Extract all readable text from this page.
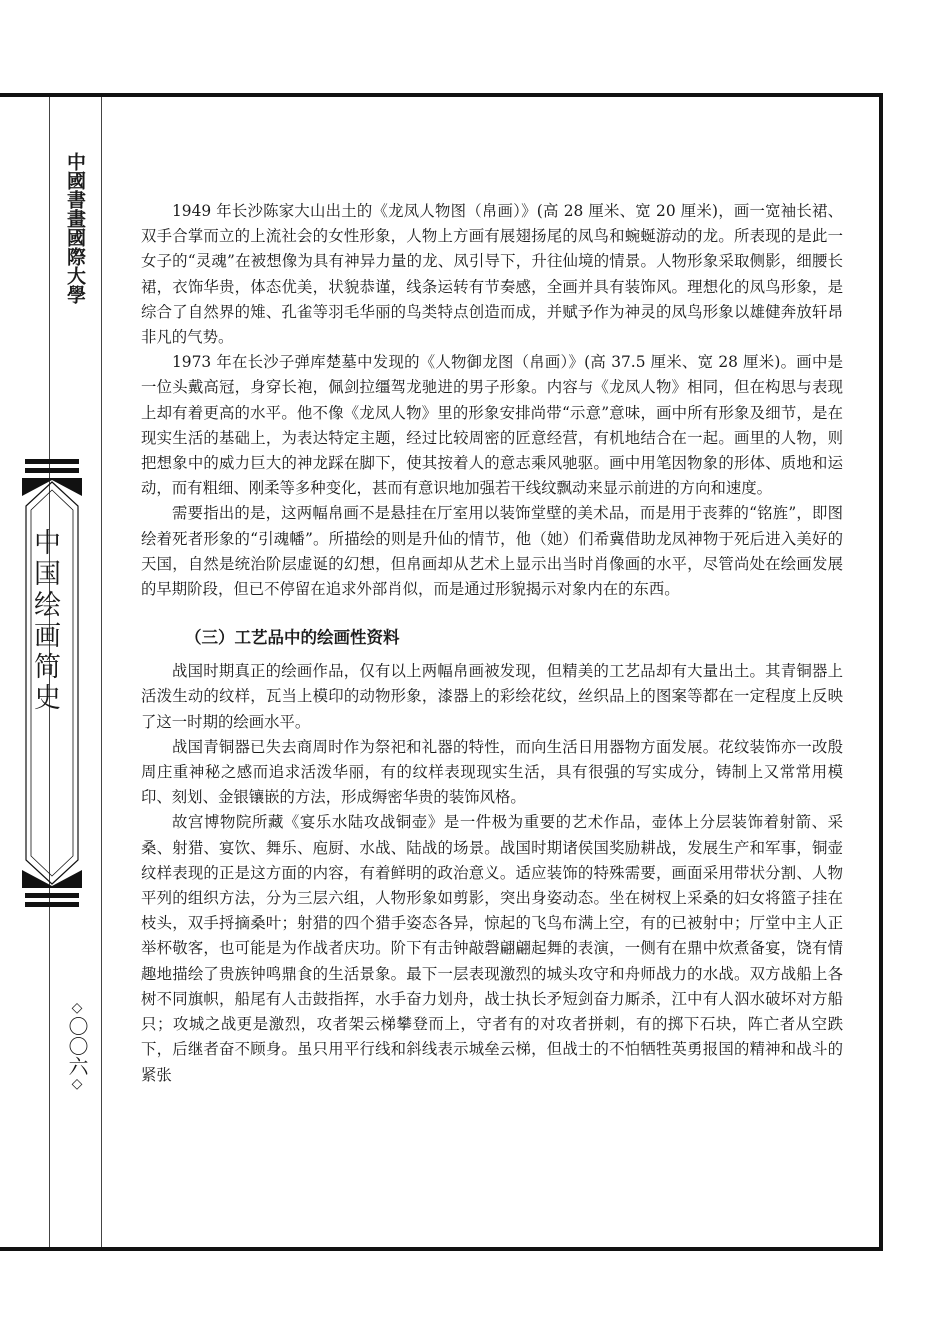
中國書畫國際大學
中国绘画简史
◇〇〇六◇

1949 年长沙陈家大山出土的《龙凤人物图（帛画）》(高 28 厘米、宽 20 厘米)，画一宽袖长裙、双手合掌而立的上流社会的女性形象，人物上方画有展翅扬尾的凤鸟和蜿蜒游动的龙。所表现的是此一女子的“灵魂”在被想像为具有神异力量的龙、凤引导下，升往仙境的情景。人物形象采取侧影，细腰长裙，衣饰华贵，体态优美，状貌恭谨，线条运转有节奏感，全画并具有装饰风。理想化的凤鸟形象，是综合了自然界的雉、孔雀等羽毛华丽的鸟类特点创造而成，并赋予作为神灵的凤鸟形象以雄健奔放轩昂非凡的气势。

1973 年在长沙子弹库楚墓中发现的《人物御龙图（帛画）》(高 37.5 厘米、宽 28 厘米)。画中是一位头戴高冠，身穿长袍，佩剑拉缰驾龙驰进的男子形象。内容与《龙凤人物》相同，但在构思与表现上却有着更高的水平。他不像《龙凤人物》里的形象安排尚带“示意”意味，画中所有形象及细节，是在现实生活的基础上，为表达特定主题，经过比较周密的匠意经营，有机地结合在一起。画里的人物，则把想象中的威力巨大的神龙踩在脚下，使其按着人的意志乘风驰驱。画中用笔因物象的形体、质地和运动，而有粗细、刚柔等多种变化，甚而有意识地加强若干线纹飘动来显示前进的方向和速度。

需要指出的是，这两幅帛画不是悬挂在厅室用以装饰堂壁的美术品，而是用于丧葬的“铭旌”，即图绘着死者形象的“引魂幡”。所描绘的则是升仙的情节，他（她）们希冀借助龙凤神物于死后进入美好的天国，自然是统治阶层虚诞的幻想，但帛画却从艺术上显示出当时肖像画的水平，尽管尚处在绘画发展的早期阶段，但已不停留在追求外部肖似，而是通过形貌揭示对象内在的东西。

（三）工艺品中的绘画性资料

战国时期真正的绘画作品，仅有以上两幅帛画被发现，但精美的工艺品却有大量出土。其青铜器上活泼生动的纹样，瓦当上模印的动物形象，漆器上的彩绘花纹，丝织品上的图案等都在一定程度上反映了这一时期的绘画水平。

战国青铜器已失去商周时作为祭祀和礼器的特性，而向生活日用器物方面发展。花纹装饰亦一改殷周庄重神秘之感而追求活泼华丽，有的纹样表现现实生活，具有很强的写实成分，铸制上又常常用模印、刻划、金银镶嵌的方法，形成缛密华贵的装饰风格。

故宫博物院所藏《宴乐水陆攻战铜壶》是一件极为重要的艺术作品，壶体上分层装饰着射箭、采桑、射猎、宴饮、舞乐、庖厨、水战、陆战的场景。战国时期诸侯国奖励耕战，发展生产和军事，铜壶纹样表现的正是这方面的内容，有着鲜明的政治意义。适应装饰的特殊需要，画面采用带状分割、人物平列的组织方法，分为三层六组，人物形象如剪影，突出身姿动态。坐在树杈上采桑的妇女将篮子挂在枝头，双手捋摘桑叶；射猎的四个猎手姿态各异，惊起的飞鸟布满上空，有的已被射中；厅堂中主人正举杯敬客，也可能是为作战者庆功。阶下有击钟敲磬翩翩起舞的表演，一侧有在鼎中炊煮备宴，饶有情趣地描绘了贵族钟鸣鼎食的生活景象。最下一层表现激烈的城头攻守和舟师战力的水战。双方战船上各树不同旗帜，船尾有人击鼓指挥，水手奋力划舟，战士执长矛短剑奋力厮杀，江中有人泅水破坏对方船只；攻城之战更是激烈，攻者架云梯攀登而上，守者有的对攻者拼刺，有的掷下石块，阵亡者从空跌下，后继者奋不顾身。虽只用平行线和斜线表示城垒云梯，但战士的不怕牺牲英勇报国的精神和战斗的紧张
